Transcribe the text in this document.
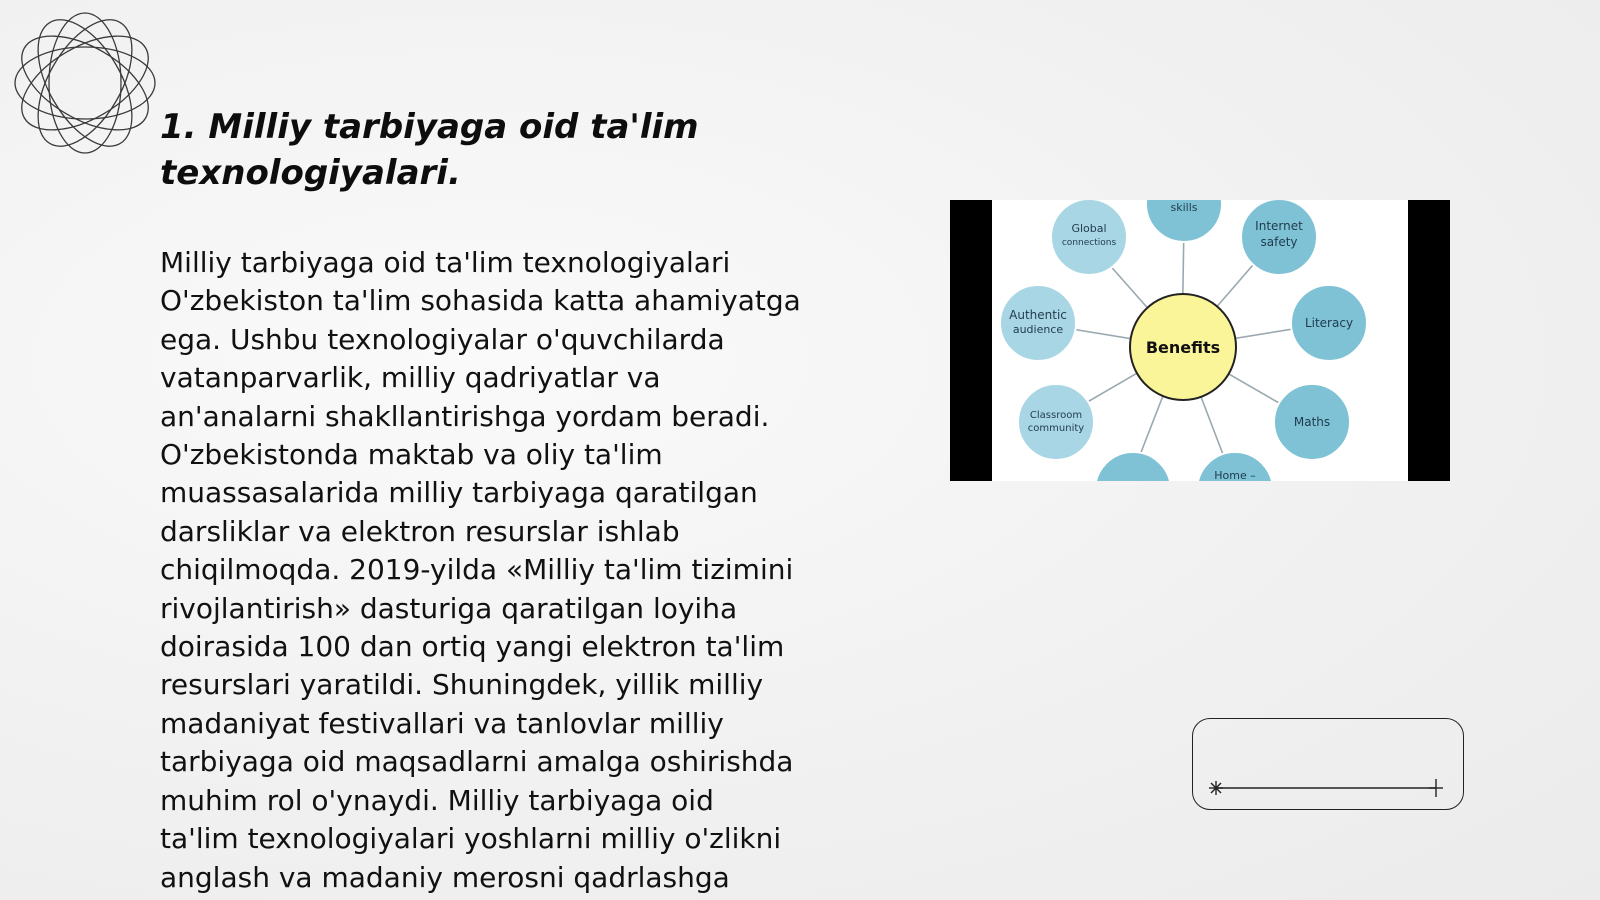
1. Milliy tarbiyaga oid ta'lim
texnologiyalari.

Milliy tarbiyaga oid ta'lim texnologiyalari
O'zbekiston ta'lim sohasida katta ahamiyatga
ega. Ushbu texnologiyalar o'quvchilarda
vatanparvarlik, milliy qadriyatlar va
an'analarni shakllantirishga yordam beradi.
O'zbekistonda maktab va oliy ta'lim
muassasalarida milliy tarbiyaga qaratilgan
darsliklar va elektron resurslar ishlab
chiqilmoqda. 2019-yilda «Milliy ta'lim tizimini
rivojlantirish» dasturiga qaratilgan loyiha
doirasida 100 dan ortiq yangi elektron ta'lim
resurslari yaratildi. Shuningdek, yillik milliy
madaniyat festivallari va tanlovlar milliy
tarbiyaga oid maqsadlarni amalga oshirishda
muhim rol o'ynaydi. Milliy tarbiyaga oid
ta'lim texnologiyalari yoshlarni milliy o'zlikni
anglash va madaniy merosni qadrlashga

skills
Global
connections
Internet
safety
Authentic
audience	Literacy
Classroom
community	Maths
Home –
Benefits
